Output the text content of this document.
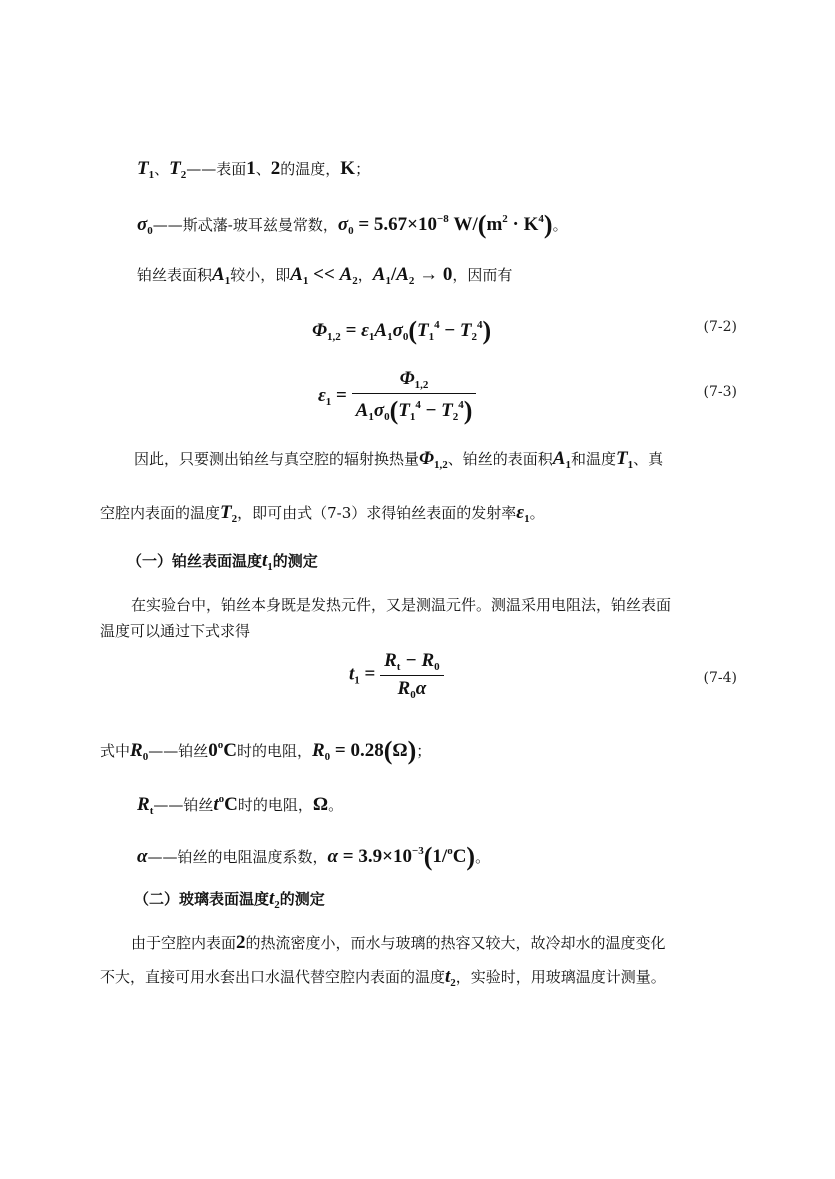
$T_1$、$T_2——$表面1、2的温度，K；
$\sigma_0——$斯忒藩-玻耳兹曼常数，$\sigma_0 = 5.67\times 10^{-8}$ $W/(m^2 \cdot K^4)$。
铂丝表面积$A_1$较小，即$A_1 << A_2$，$A_1/A_2 \to 0$，因而有
$\Phi_{1,2} = \varepsilon_1A_1\sigma_0(T_1^4 - T_2^4)$	(7-2)
$\varepsilon_1 = \frac{\Phi_{1,2}}{A_1\sigma_0(T_1^4 - T_2^4)}$	(7-3)
因此，只要测出铂丝与真空腔的辐射换热量$\Phi_{1,2}$、铂丝的表面积$A_1$和温度$T_1$、真
空腔内表面的温度$T_2$，即可由式（7-3）求得铂丝表面的发射率$\varepsilon_1$。
（一）铂丝表面温度$t_1$的测定
在实验台中，铂丝本身既是发热元件，又是测温元件。测温采用电阻法，铂丝表面
温度可以通过下式求得
$t_1 = \frac{R_t - R_0}{R_0\alpha}$	(7-4)
式中$R_0——$铂丝0$^o$C时的电阻，$R_0 = 0.28(\Omega)$；
$R_t——$铂丝$t^oC$时的电阻，Ω。
α——铂丝的电阻温度系数，$\alpha = 3.9\times 10^{-3}(1/^oC)$。
（二）玻璃表面温度$t_2$的测定
由于空腔内表面2的热流密度小，而水与玻璃的热容又较大，故冷却水的温度变化
不大，直接可用水套出口水温代替空腔内表面的温度$t_2$，实验时，用玻璃温度计测量。
